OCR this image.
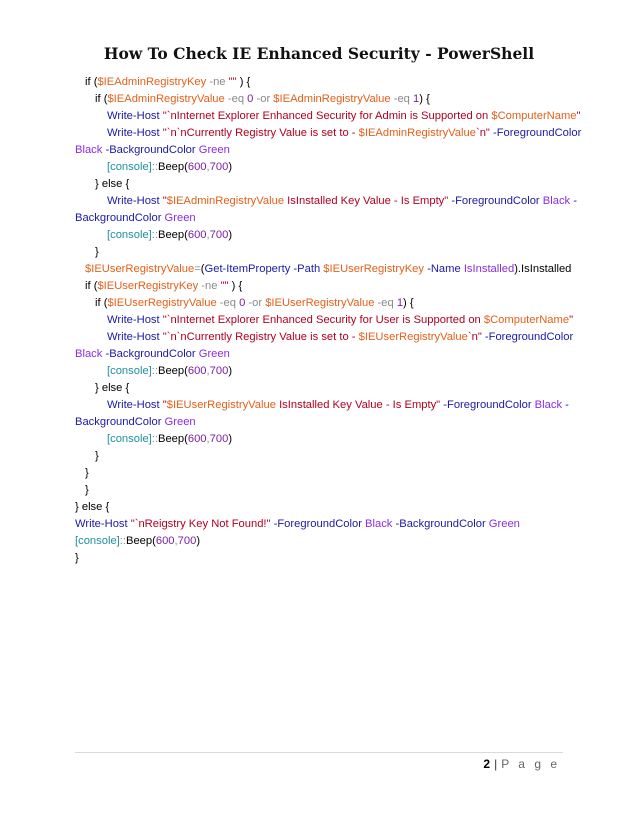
How To Check IE Enhanced Security - PowerShell
if ($IEAdminRegistryKey -ne "" ) {
if ($IEAdminRegistryValue -eq 0 -or $IEAdminRegistryValue -eq 1) {
Write-Host "`nInternet Explorer Enhanced Security for Admin is Supported on $ComputerName"
Write-Host "`n`nCurrently Registry Value is set to - $IEAdminRegistryValue`n" -ForegroundColor
Black -BackgroundColor Green
[console]::Beep(600,700)
} else {
Write-Host "$IEAdminRegistryValue IsInstalled Key Value - Is Empty" -ForegroundColor Black -
BackgroundColor Green
[console]::Beep(600,700)
}
$IEUserRegistryValue=(Get-ItemProperty -Path $IEUserRegistryKey -Name IsInstalled).IsInstalled
if ($IEUserRegistryKey -ne "" ) {
if ($IEUserRegistryValue -eq 0 -or $IEUserRegistryValue -eq 1) {
Write-Host "`nInternet Explorer Enhanced Security for User is Supported on $ComputerName"
Write-Host "`n`nCurrently Registry Value is set to - $IEUserRegistryValue`n" -ForegroundColor
Black -BackgroundColor Green
[console]::Beep(600,700)
} else {
Write-Host "$IEUserRegistryValue IsInstalled Key Value - Is Empty" -ForegroundColor Black -
BackgroundColor Green
[console]::Beep(600,700)
}
}
}
} else {
Write-Host "`nReigstry Key Not Found!" -ForegroundColor Black -BackgroundColor Green
[console]::Beep(600,700)
}
2 | P a g e
